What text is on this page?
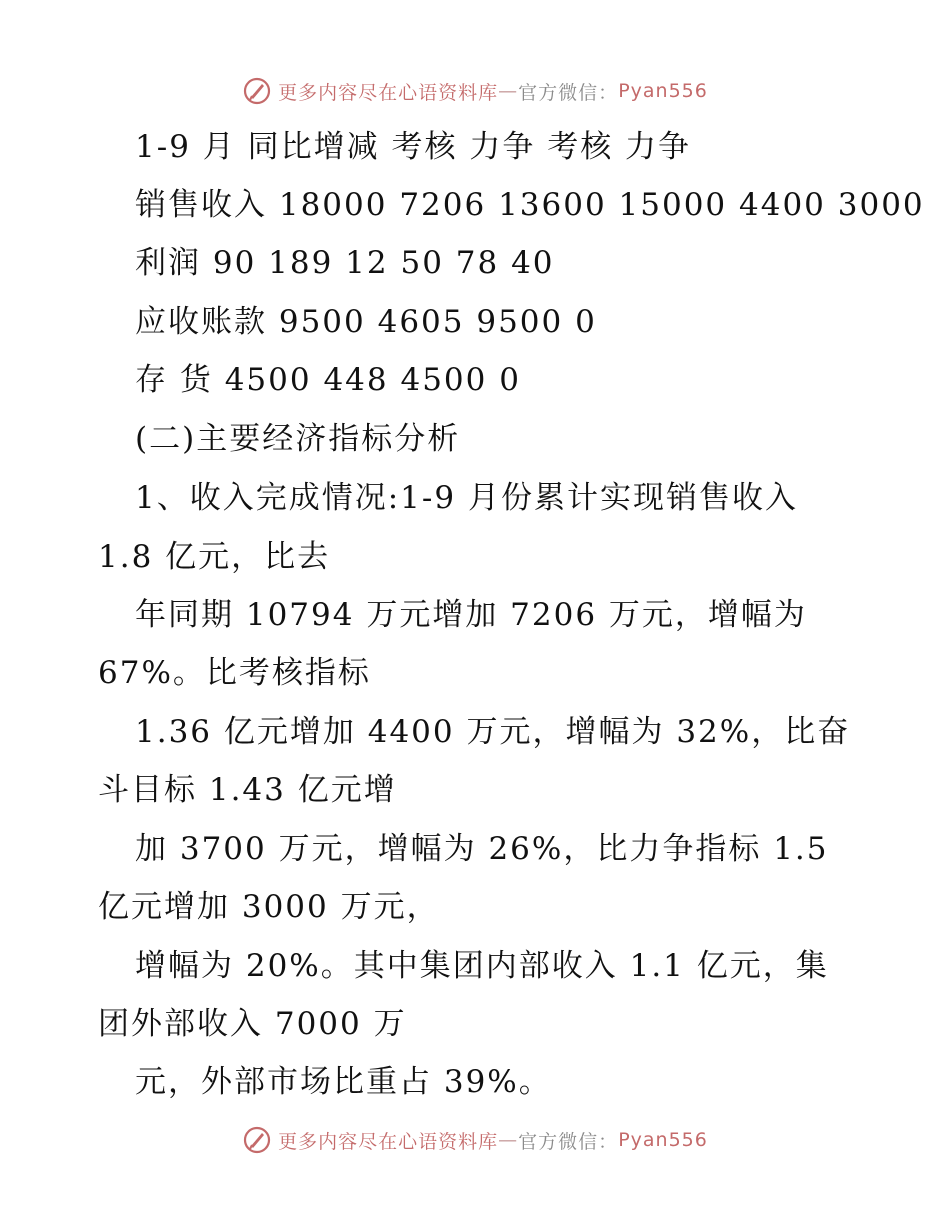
更多内容尽在心语资料库 — 官方微信： Pyan556
1-9 月 同比增减 考核 力争 考核 力争
销售收入 18000 7206 13600 15000 4400 3000
利润 90 189 12 50 78 40
应收账款 9500 4605 9500 0
存 货 4500 448 4500 0
(二)主要经济指标分析
1、收入完成情况:1-9 月份累计实现销售收入
1.8 亿元，比去
年同期 10794 万元增加 7206 万元，增幅为
67%。比考核指标
1.36 亿元增加 4400 万元，增幅为 32%，比奋
斗目标 1.43 亿元增
加 3700 万元，增幅为 26%，比力争指标 1.5
亿元增加 3000 万元，
增幅为 20%。其中集团内部收入 1.1 亿元，集
团外部收入 7000 万
元，外部市场比重占 39%。
更多内容尽在心语资料库 — 官方微信： Pyan556
